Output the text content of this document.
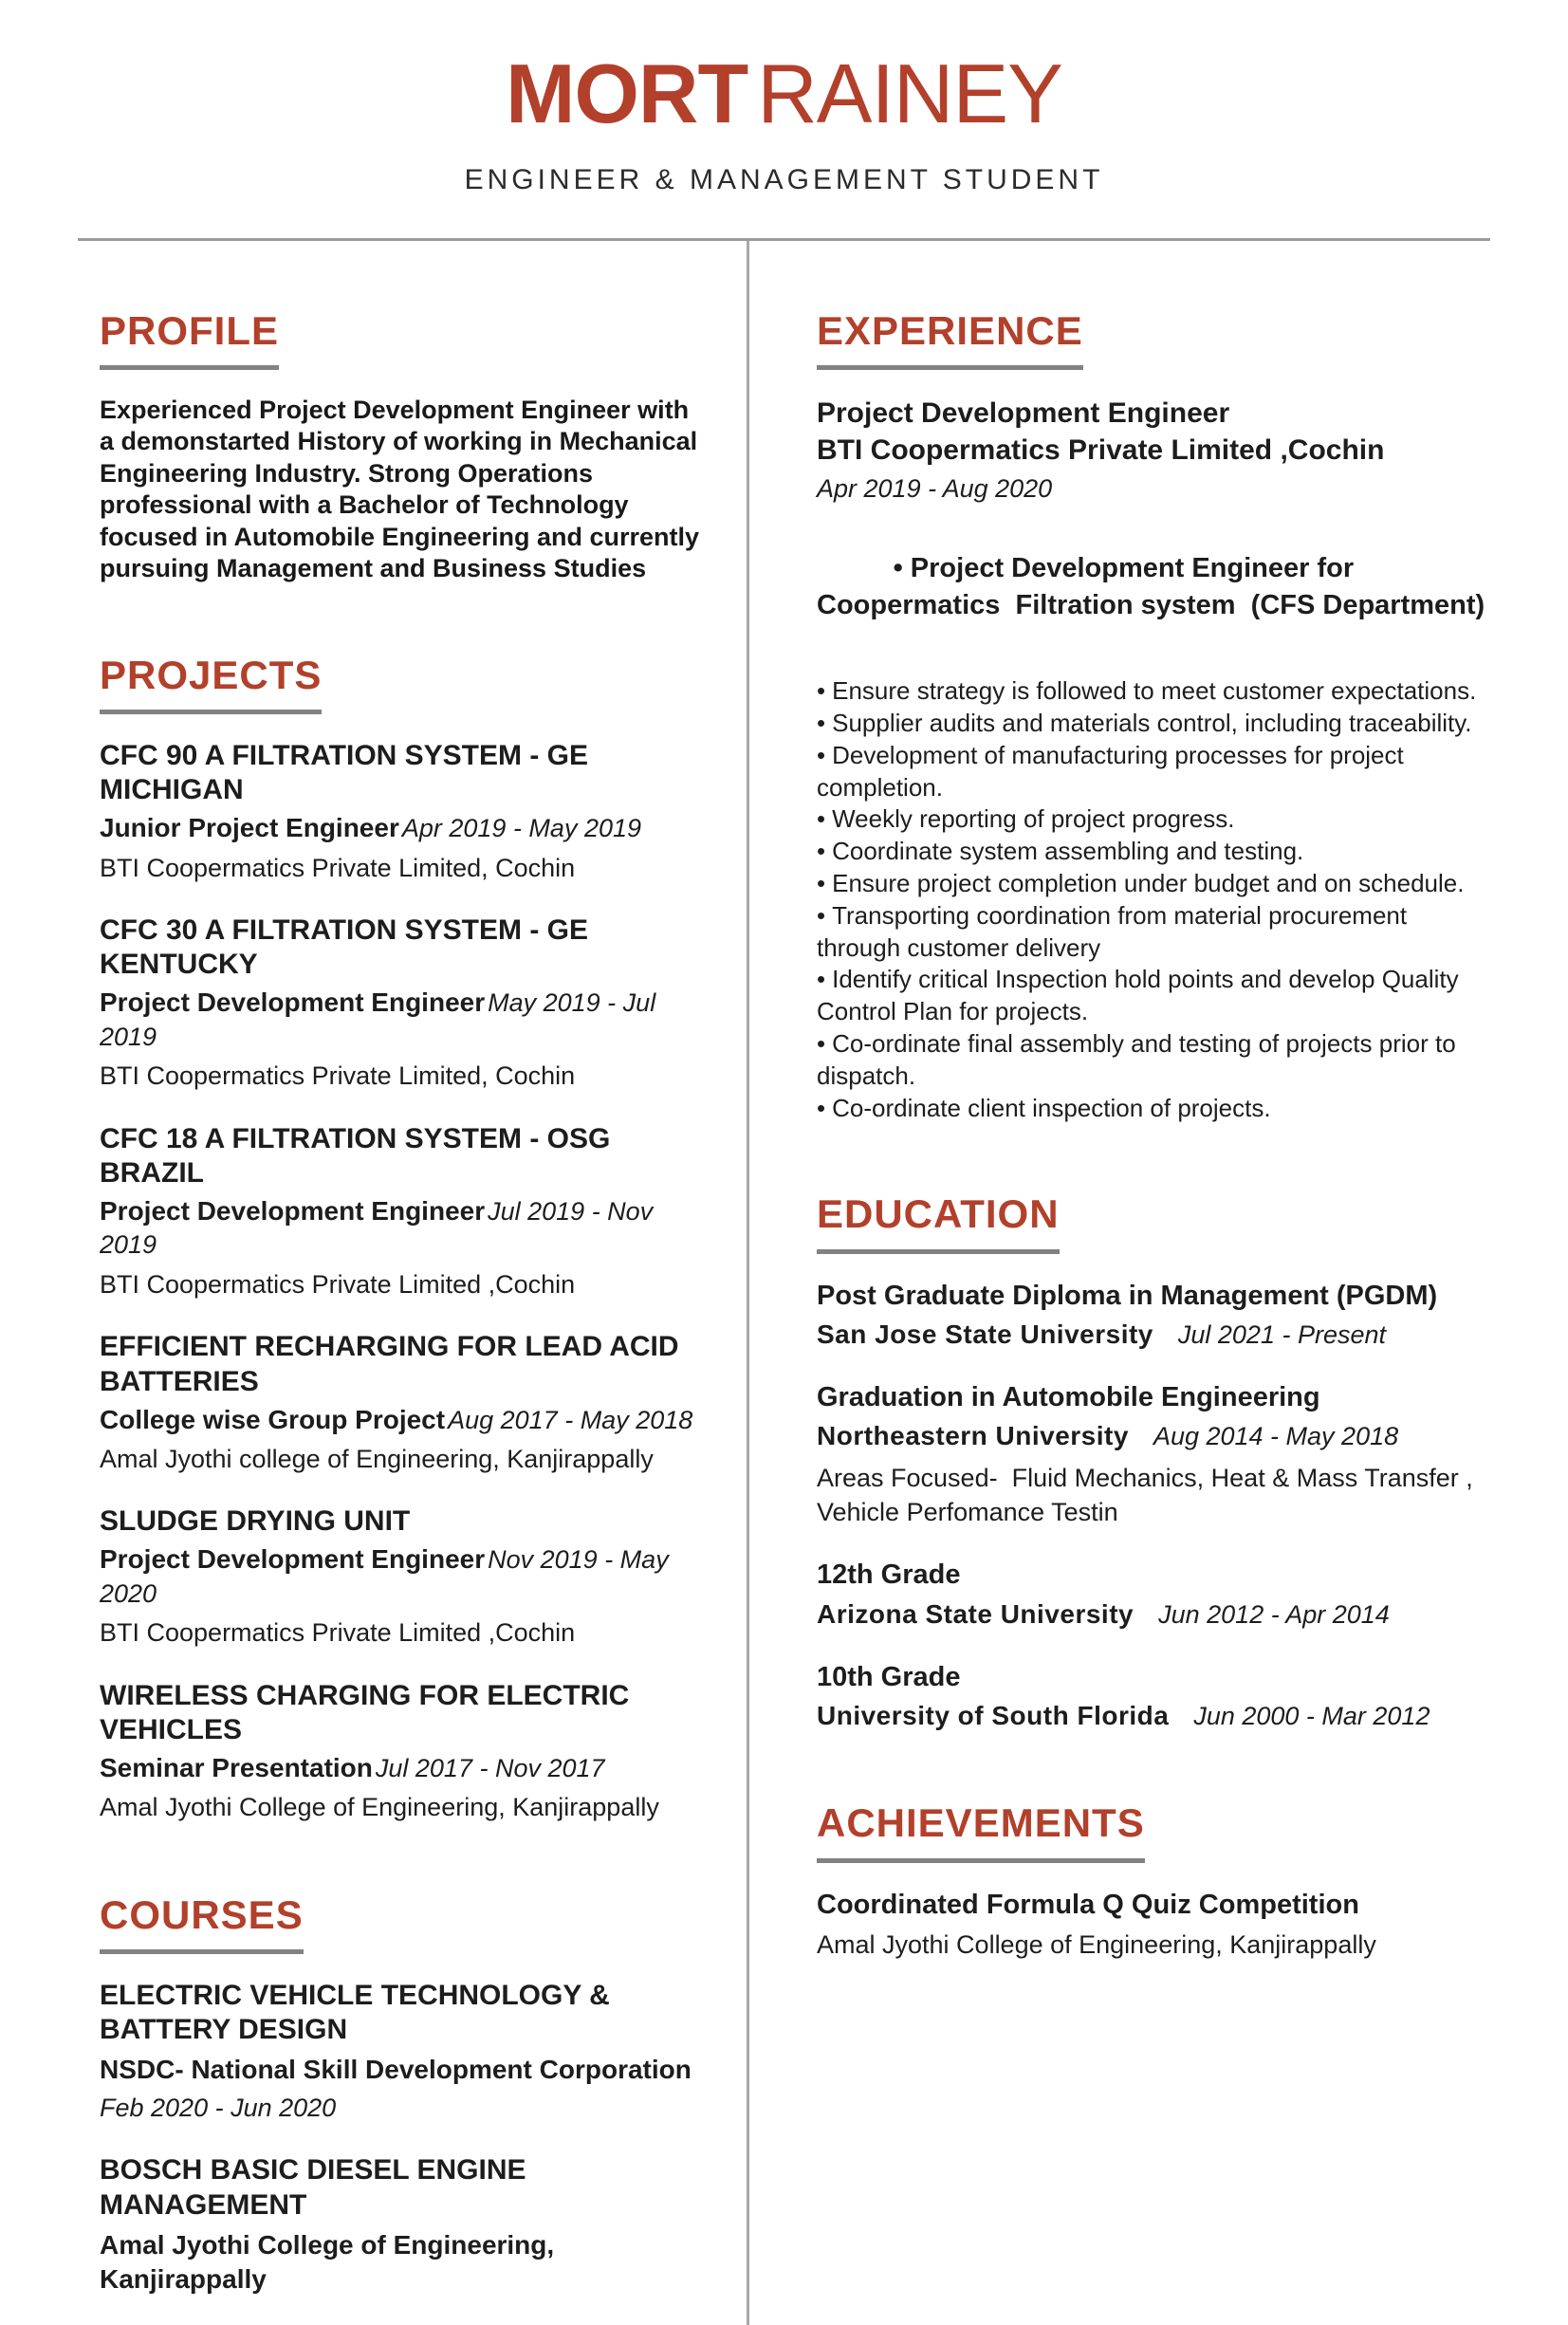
MORT RAINEY
ENGINEER & MANAGEMENT STUDENT
PROFILE

Experienced Project Development Engineer with a demonstarted History of working in Mechanical Engineering Industry. Strong Operations professional with a Bachelor of Technology focused in Automobile Engineering and currently pursuing Management and Business Studies

PROJECTS
CFC 90 A FILTRATION SYSTEM - GE MICHIGAN
Junior Project Engineer Apr 2019 - May 2019
BTI Coopermatics Private Limited, Cochin
CFC 30 A FILTRATION SYSTEM - GE KENTUCKY
Project Development Engineer May 2019 - Jul 2019
BTI Coopermatics Private Limited, Cochin
CFC 18 A FILTRATION SYSTEM - OSG BRAZIL
Project Development Engineer Jul 2019 - Nov 2019
BTI Coopermatics Private Limited ,Cochin
EFFICIENT RECHARGING FOR LEAD ACID BATTERIES
College wise Group Project Aug 2017 - May 2018
Amal Jyothi college of Engineering, Kanjirappally
SLUDGE DRYING UNIT
Project Development Engineer Nov 2019 - May 2020
BTI Coopermatics Private Limited ,Cochin
WIRELESS CHARGING FOR ELECTRIC VEHICLES
Seminar Presentation Jul 2017 - Nov 2017
Amal Jyothi College of Engineering, Kanjirappally
COURSES
ELECTRIC VEHICLE TECHNOLOGY & BATTERY DESIGN
NSDC- National Skill Development Corporation
Feb 2020 - Jun 2020
BOSCH BASIC DIESEL ENGINE MANAGEMENT
Amal Jyothi College of Engineering, Kanjirappally
EXPERIENCE
Project Development Engineer
BTI Coopermatics Private Limited ,Cochin
Apr 2019 - Aug 2020

• Project Development Engineer for Coopermatics  Filtration system  (CFS Department)

• Ensure strategy is followed to meet customer expectations.
• Supplier audits and materials control, including traceability.
• Development of manufacturing processes for project completion.
• Weekly reporting of project progress.
• Coordinate system assembling and testing.
• Ensure project completion under budget and on schedule.
• Transporting coordination from material procurement through customer delivery
• Identify critical Inspection hold points and develop Quality Control Plan for projects.
• Co-ordinate final assembly and testing of projects prior to dispatch.
• Co-ordinate client inspection of projects.
EDUCATION
Post Graduate Diploma in Management (PGDM)
San Jose State University Jul 2021 - Present
Graduation in Automobile Engineering
Northeastern University Aug 2014 - May 2018
Areas Focused-  Fluid Mechanics, Heat & Mass Transfer , Vehicle Perfomance Testin
12th Grade
Arizona State University Jun 2012 - Apr 2014
10th Grade
University of South Florida Jun 2000 - Mar 2012
ACHIEVEMENTS
Coordinated Formula Q Quiz Competition
Amal Jyothi College of Engineering, Kanjirappally
